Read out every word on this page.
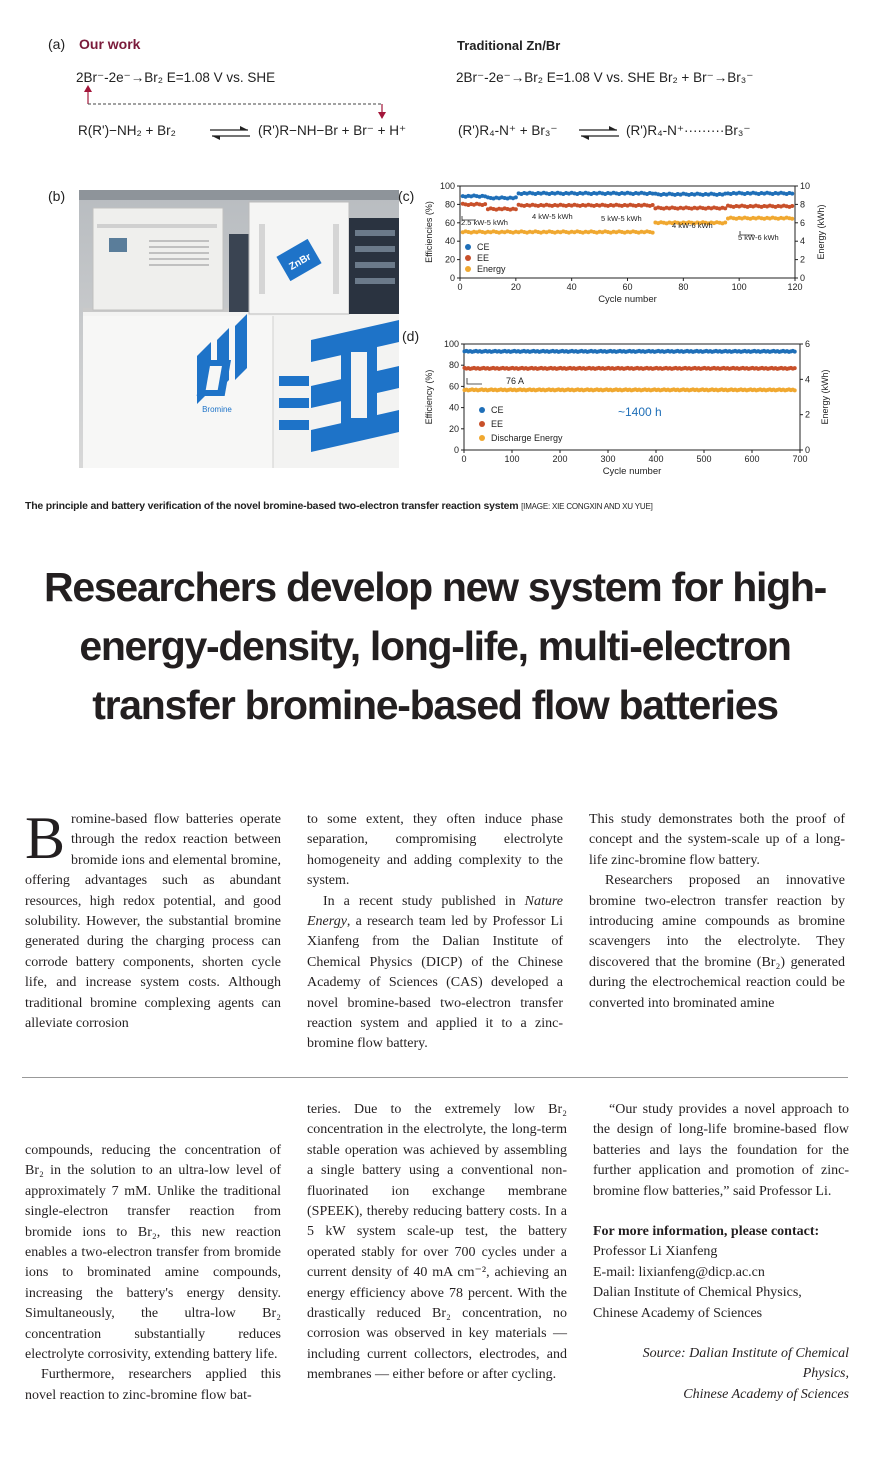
(a) Our work	Traditional Zn/Br
2Br⁻-2e⁻→Br₂ E=1.08 V vs. SHE	2Br⁻-2e⁻→Br₂ E=1.08 V vs. SHE Br₂ + Br⁻→Br₃⁻
R(R')−NH₂ + Br₂	(R')R−NH−Br + Br⁻ + H⁺	(R')R₄-N⁺ + Br₃⁻	(R')R₄-N⁺·········Br₃⁻
(b)
ZnBr
Bromine
(c)
0	20	40	60	80	100	120
0
20
40
60
80
100
0
2
4
6
8
10
Cycle number
Efficiencies (%)	Energy (kWh)
CE
EE
Energy
2.5 kW-5 kWh
4 kW-5 kWh	5 kW-5 kWh
4 kW-6 kWh
5 kW-6 kWh
(d)
0	100	200	300	400	500	600	700
0
20
40
60
80
100
0
2
4
6
Cycle number
Efficiency (%)	Energy (kWh)
CE
EE
Discharge Energy
76 A
~1400 h
The principle and battery verification of the novel bromine-based two-electron transfer reaction system [IMAGE: XIE CONGXIN AND XU YUE]
Researchers develop new system for high-energy-density, long-life, multi-electron transfer bromine-based flow batteries

Bromine-based flow batteries operate through the redox reaction between bromide ions and elemental bromine, offering advantages such as abundant resources, high redox potential, and good solubility. However, the substantial bromine generated during the charging process can corrode battery components, shorten cycle life, and increase system costs. Although traditional bromine complexing agents can alleviate corrosion

to some extent, they often induce phase separation, compromising electrolyte homogeneity and adding complexity to the system.

In a recent study published in Nature Energy, a research team led by Professor Li Xianfeng from the Dalian Institute of Chemical Physics (DICP) of the Chinese Academy of Sciences (CAS) developed a novel bromine-based two-electron transfer reaction system and applied it to a zinc-bromine flow battery.

This study demonstrates both the proof of concept and the system-scale up of a long-life zinc-bromine flow battery.

Researchers proposed an innovative bromine two-electron transfer reaction by introducing amine compounds as bromine scavengers into the electrolyte. They discovered that the bromine (Br₂) generated during the electrochemical reaction could be converted into brominated amine

compounds, reducing the concentration of Br₂ in the solution to an ultra-low level of approximately 7 mM. Unlike the traditional single-electron transfer reaction from bromide ions to Br₂, this new reaction enables a two-electron transfer from bromide ions to brominated amine compounds, increasing the battery's energy density. Simultaneously, the ultra-low Br₂ concentration substantially reduces electrolyte corrosivity, extending battery life.

Furthermore, researchers applied this novel reaction to zinc-bromine flow bat-

teries. Due to the extremely low Br₂ concentration in the electrolyte, the long-term stable operation was achieved by assembling a single battery using a conventional non-fluorinated ion exchange membrane (SPEEK), thereby reducing battery costs. In a 5 kW system scale-up test, the battery operated stably for over 700 cycles under a current density of 40 mA cm⁻², achieving an energy efficiency above 78 percent. With the drastically reduced Br₂ concentration, no corrosion was observed in key materials — including current collectors, electrodes, and membranes — either before or after cycling.

“Our study provides a novel approach to the design of long-life bromine-based flow batteries and lays the foundation for the further application and promotion of zinc-bromine flow batteries,” said Professor Li.

For more information, please contact:
Professor Li Xianfeng
E-mail: lixianfeng@dicp.ac.cn
Dalian Institute of Chemical Physics,
Chinese Academy of Sciences
Source: Dalian Institute of Chemical
Physics,
Chinese Academy of Sciences
